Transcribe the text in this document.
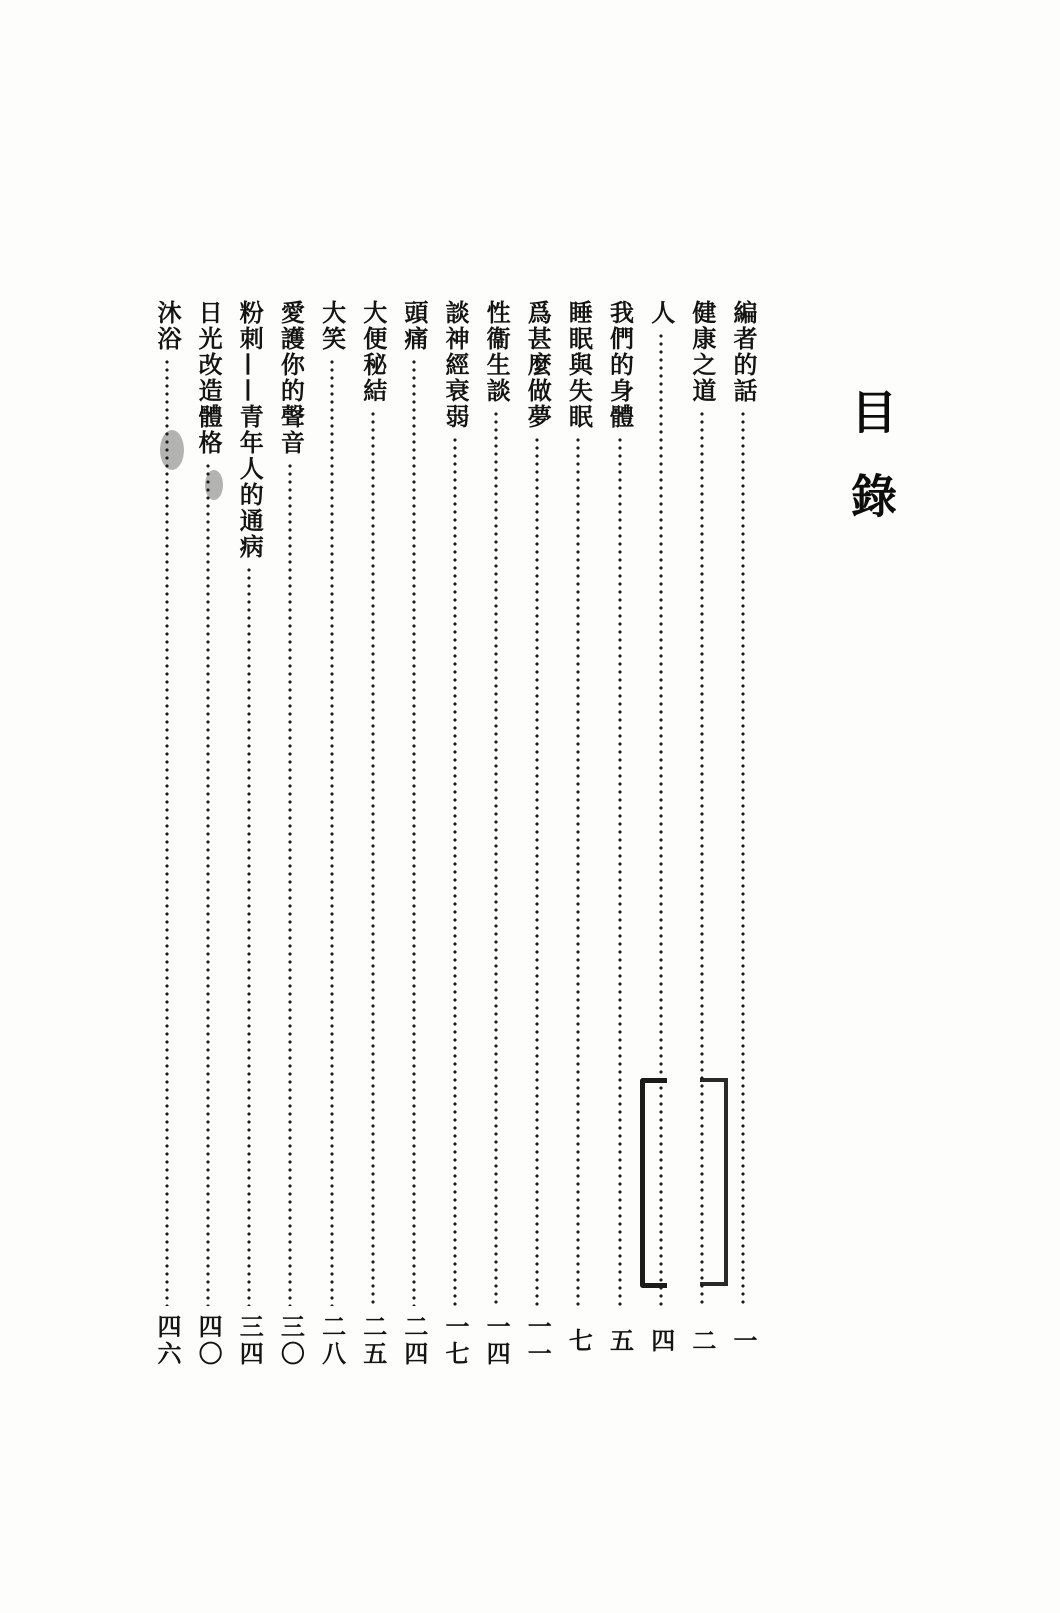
目錄
編者的話
一
健康之道
二
人
四
我們的身體
五
睡眠與失眠
七
爲甚麼做夢
一一
性衞生談
一四
談神經衰弱
一七
頭痛
二四
大便秘結
二五
大笑
二八
愛護你的聲音
三〇
粉刺——青年人的通病
三四
日光改造體格
四〇
沐浴
四六
